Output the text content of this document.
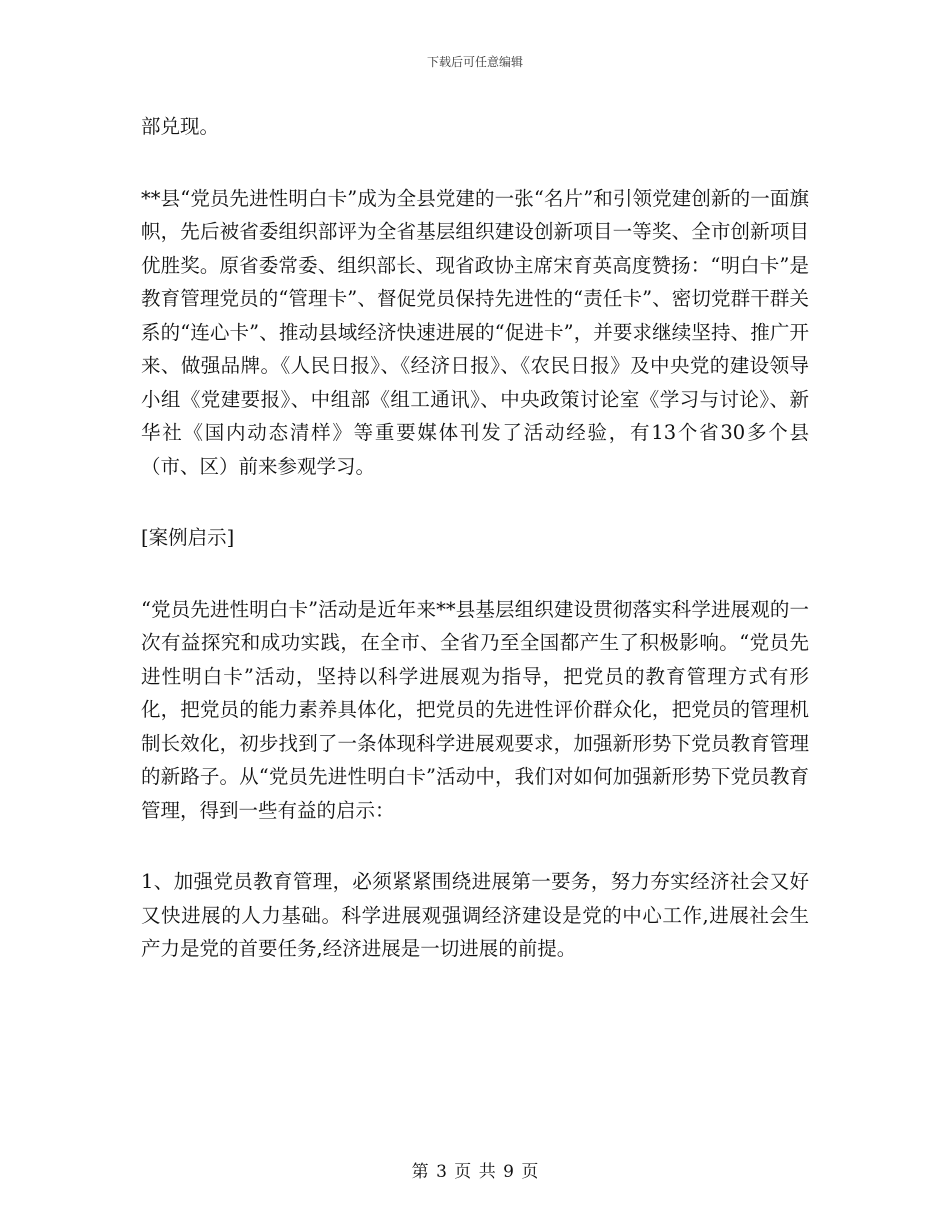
下载后可任意编辑

部兑现。

**县“党员先进性明白卡”成为全县党建的一张“名片”和引领党建创新的一面旗帜，先后被省委组织部评为全省基层组织建设创新项目一等奖、全市创新项目优胜奖。原省委常委、组织部长、现省政协主席宋育英高度赞扬：“明白卡”是教育管理党员的“管理卡”、督促党员保持先进性的“责任卡”、密切党群干群关系的“连心卡”、推动县域经济快速进展的“促进卡”，并要求继续坚持、推广开来、做强品牌。《人民日报》、《经济日报》、《农民日报》及中央党的建设领导小组《党建要报》、中组部《组工通讯》、中央政策讨论室《学习与讨论》、新华社《国内动态清样》等重要媒体刊发了活动经验，有13个省30多个县（市、区）前来参观学习。

[案例启示]

“党员先进性明白卡”活动是近年来**县基层组织建设贯彻落实科学进展观的一次有益探究和成功实践，在全市、全省乃至全国都产生了积极影响。“党员先进性明白卡”活动，坚持以科学进展观为指导，把党员的教育管理方式有形化，把党员的能力素养具体化，把党员的先进性评价群众化，把党员的管理机制长效化，初步找到了一条体现科学进展观要求，加强新形势下党员教育管理的新路子。从“党员先进性明白卡”活动中，我们对如何加强新形势下党员教育管理，得到一些有益的启示：

1、加强党员教育管理，必须紧紧围绕进展第一要务，努力夯实经济社会又好又快进展的人力基础。科学进展观强调经济建设是党的中心工作,进展社会生产力是党的首要任务,经济进展是一切进展的前提。

第 3 页 共 9 页
